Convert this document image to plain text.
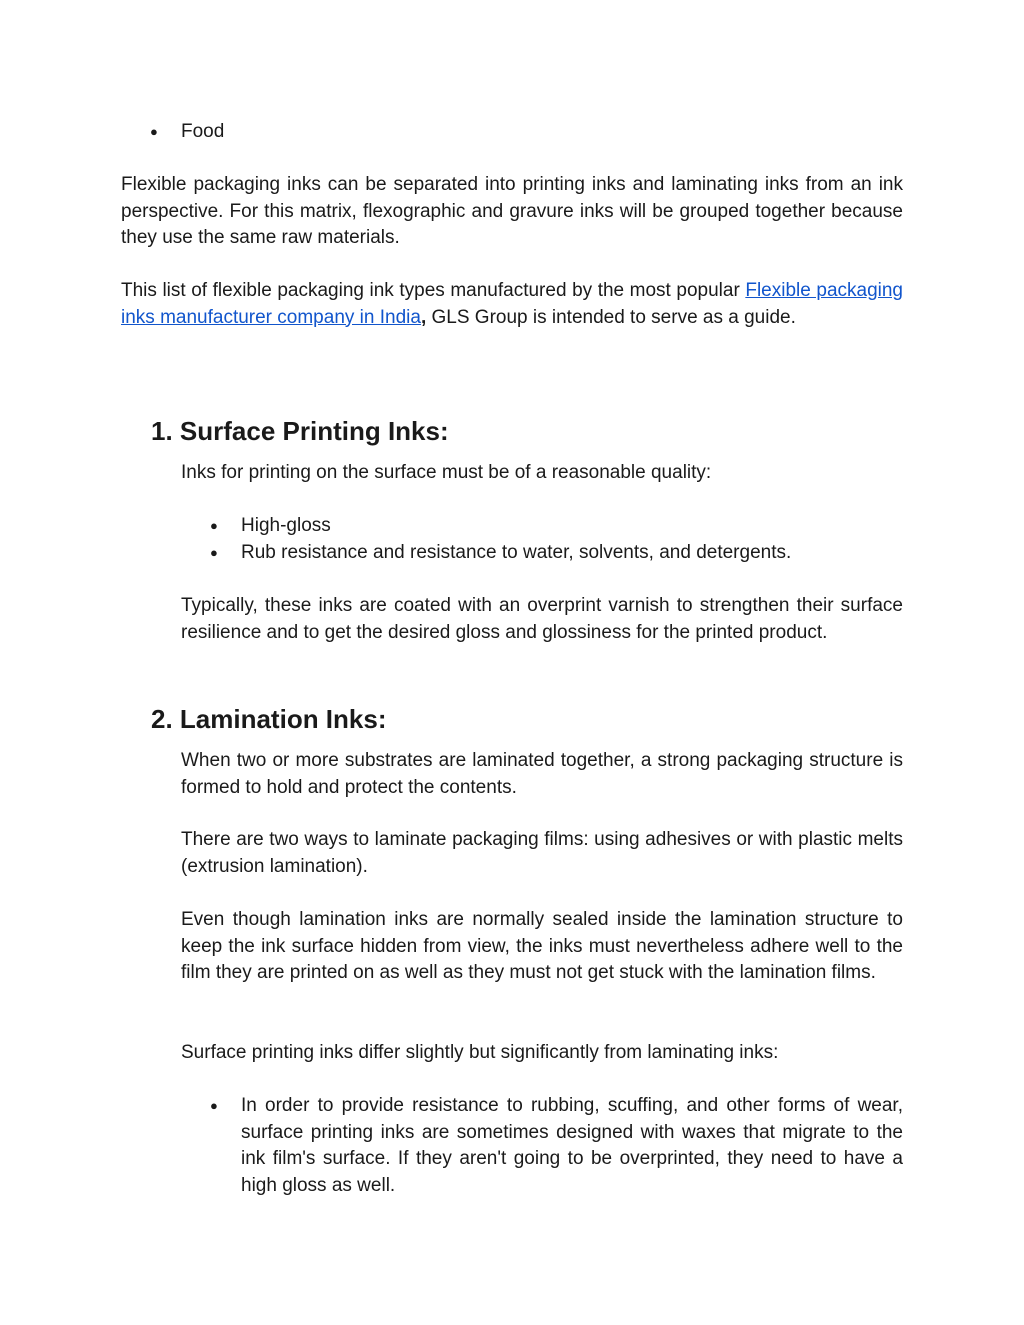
● Food

Flexible packaging inks can be separated into printing inks and laminating inks from an ink perspective. For this matrix, flexographic and gravure inks will be grouped together because they use the same raw materials.

This list of flexible packaging ink types manufactured by the most popular Flexible packaging inks manufacturer company in India, GLS Group is intended to serve as a guide.

1. Surface Printing Inks:

Inks for printing on the surface must be of a reasonable quality:

● High-gloss

● Rub resistance and resistance to water, solvents, and detergents.

Typically, these inks are coated with an overprint varnish to strengthen their surface resilience and to get the desired gloss and glossiness for the printed product.

2. Lamination Inks:

When two or more substrates are laminated together, a strong packaging structure is formed to hold and protect the contents.

There are two ways to laminate packaging films: using adhesives or with plastic melts (extrusion lamination).

Even though lamination inks are normally sealed inside the lamination structure to keep the ink surface hidden from view, the inks must nevertheless adhere well to the film they are printed on as well as they must not get stuck with the lamination films.

Surface printing inks differ slightly but significantly from laminating inks:

● In order to provide resistance to rubbing, scuffing, and other forms of wear, surface printing inks are sometimes designed with waxes that migrate to the ink film's surface. If they aren't going to be overprinted, they need to have a high gloss as well.
